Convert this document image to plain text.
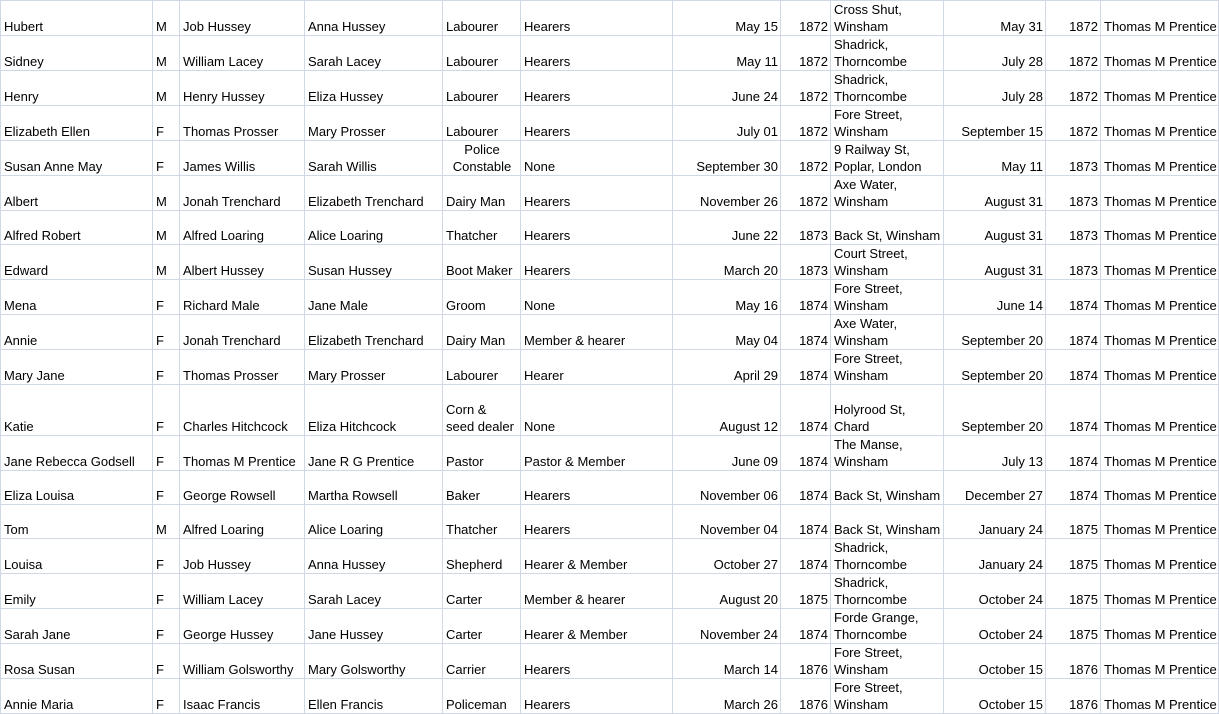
Hubert	M	Job Hussey	Anna Hussey	Labourer	Hearers	May 15	1872	Cross Shut, Winsham	May 31	1872	Thomas M Prentice
Sidney	M	William Lacey	Sarah Lacey	Labourer	Hearers	May 11	1872	Shadrick, Thorncombe	July 28	1872	Thomas M Prentice
Henry	M	Henry Hussey	Eliza Hussey	Labourer	Hearers	June 24	1872	Shadrick, Thorncombe	July 28	1872	Thomas M Prentice
Elizabeth Ellen	F	Thomas Prosser	Mary Prosser	Labourer	Hearers	July 01	1872	Fore Street, Winsham	September 15	1872	Thomas M Prentice
Susan Anne May	F	James Willis	Sarah Willis	Police Constable	None	September 30	1872	9 Railway St, Poplar, London	May 11	1873	Thomas M Prentice
Albert	M	Jonah Trenchard	Elizabeth Trenchard	Dairy Man	Hearers	November 26	1872	Axe Water, Winsham	August 31	1873	Thomas M Prentice
Alfred Robert	M	Alfred Loaring	Alice Loaring	Thatcher	Hearers	June 22	1873	Back St, Winsham	August 31	1873	Thomas M Prentice
Edward	M	Albert Hussey	Susan Hussey	Boot Maker	Hearers	March 20	1873	Court Street, Winsham	August 31	1873	Thomas M Prentice
Mena	F	Richard Male	Jane Male	Groom	None	May 16	1874	Fore Street, Winsham	June 14	1874	Thomas M Prentice
Annie	F	Jonah Trenchard	Elizabeth Trenchard	Dairy Man	Member & hearer	May 04	1874	Axe Water, Winsham	September 20	1874	Thomas M Prentice
Mary Jane	F	Thomas Prosser	Mary Prosser	Labourer	Hearer	April 29	1874	Fore Street, Winsham	September 20	1874	Thomas M Prentice
Katie	F	Charles Hitchcock	Eliza Hitchcock	Corn & seed dealer	None	August 12	1874	Holyrood St, Chard	September 20	1874	Thomas M Prentice
Jane Rebecca Godsell	F	Thomas M Prentice	Jane R G Prentice	Pastor	Pastor & Member	June 09	1874	The Manse, Winsham	July 13	1874	Thomas M Prentice
Eliza Louisa	F	George Rowsell	Martha Rowsell	Baker	Hearers	November 06	1874	Back St, Winsham	December 27	1874	Thomas M Prentice
Tom	M	Alfred Loaring	Alice Loaring	Thatcher	Hearers	November 04	1874	Back St, Winsham	January 24	1875	Thomas M Prentice
Louisa	F	Job Hussey	Anna Hussey	Shepherd	Hearer & Member	October 27	1874	Shadrick, Thorncombe	January 24	1875	Thomas M Prentice
Emily	F	William Lacey	Sarah Lacey	Carter	Member & hearer	August 20	1875	Shadrick, Thorncombe	October 24	1875	Thomas M Prentice
Sarah Jane	F	George Hussey	Jane Hussey	Carter	Hearer & Member	November 24	1874	Forde Grange, Thorncombe	October 24	1875	Thomas M Prentice
Rosa Susan	F	William Golsworthy	Mary Golsworthy	Carrier	Hearers	March 14	1876	Fore Street, Winsham	October 15	1876	Thomas M Prentice
Annie Maria	F	Isaac Francis	Ellen Francis	Policeman	Hearers	March 26	1876	Fore Street, Winsham	October 15	1876	Thomas M Prentice
